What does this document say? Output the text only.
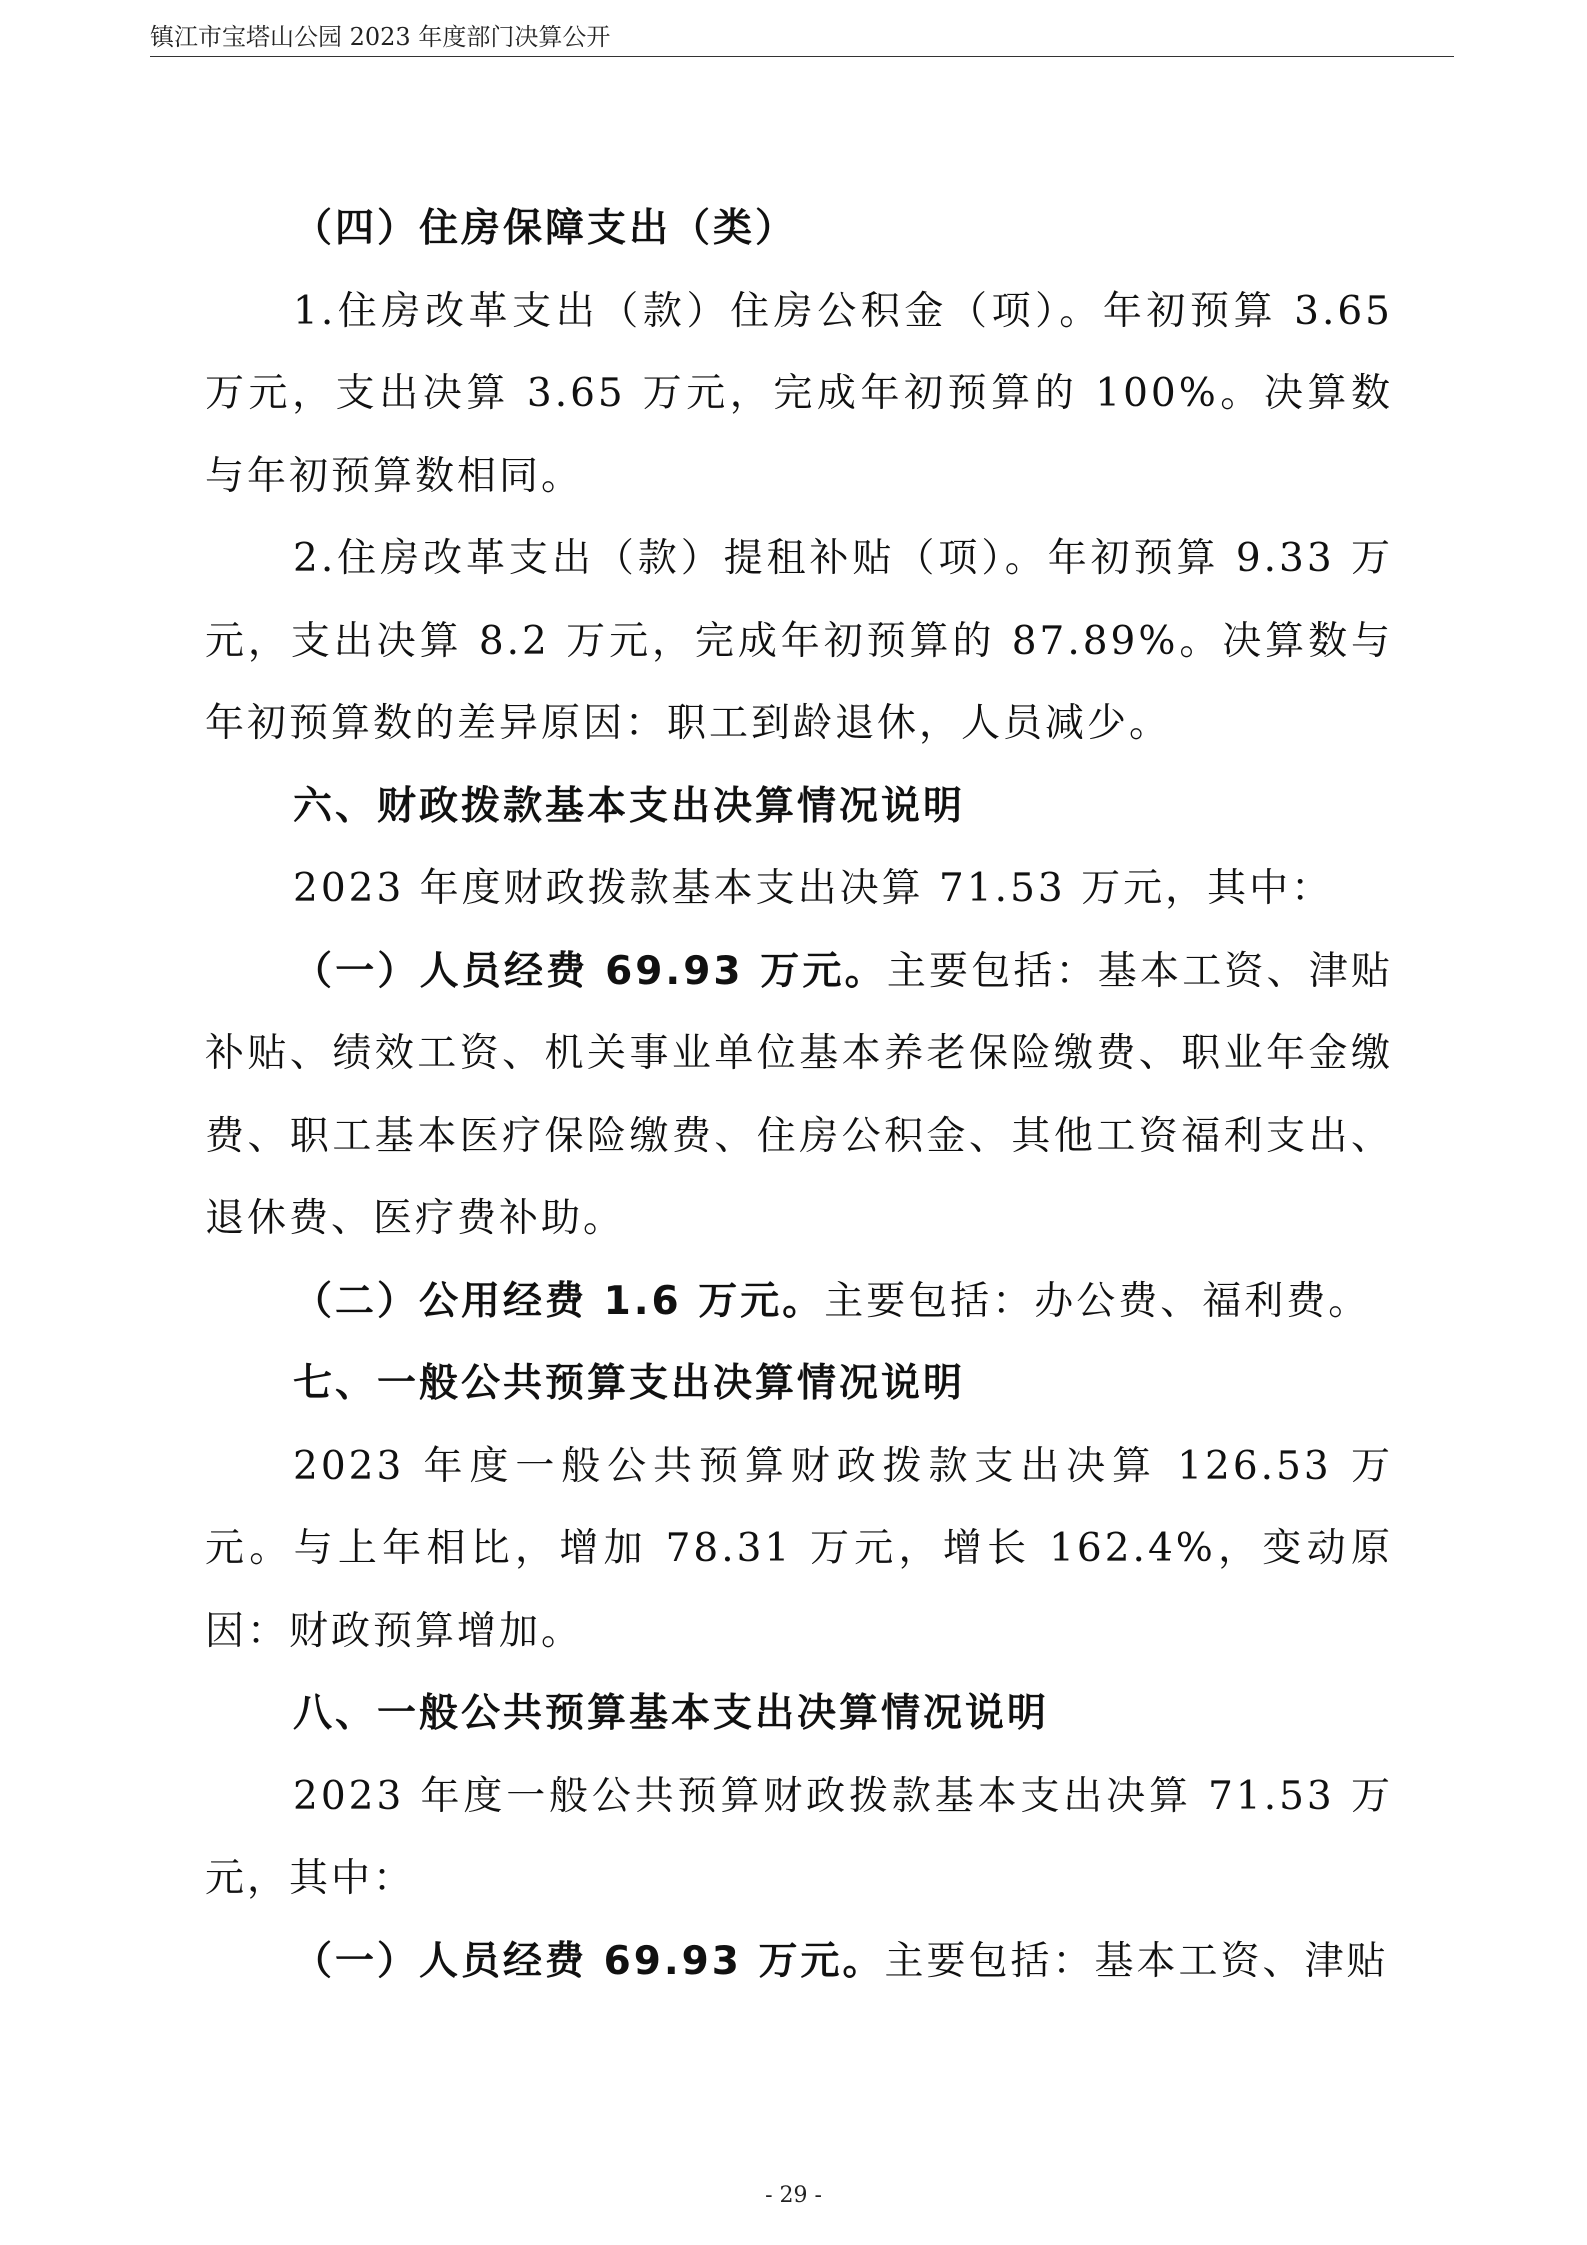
镇江市宝塔山公园 2023 年度部门决算公开

（四）住房保障支出（类）

1.住房改革支出（款）住房公积金（项）。年初预算 3.65 万元，支出决算 3.65 万元，完成年初预算的 100%。决算数与年初预算数相同。

2.住房改革支出（款）提租补贴（项）。年初预算 9.33 万元，支出决算 8.2 万元，完成年初预算的 87.89%。决算数与年初预算数的差异原因：职工到龄退休，人员减少。

六、财政拨款基本支出决算情况说明

2023 年度财政拨款基本支出决算 71.53 万元，其中：

（一）人员经费 69.93 万元。主要包括：基本工资、津贴补贴、绩效工资、机关事业单位基本养老保险缴费、职业年金缴费、职工基本医疗保险缴费、住房公积金、其他工资福利支出、退休费、医疗费补助。

（二）公用经费 1.6 万元。主要包括：办公费、福利费。

七、一般公共预算支出决算情况说明

2023 年度一般公共预算财政拨款支出决算 126.53 万元。与上年相比，增加 78.31 万元，增长 162.4%，变动原因：财政预算增加。

八、一般公共预算基本支出决算情况说明

2023 年度一般公共预算财政拨款基本支出决算 71.53 万元，其中：

（一）人员经费 69.93 万元。主要包括：基本工资、津贴

- 29 -
